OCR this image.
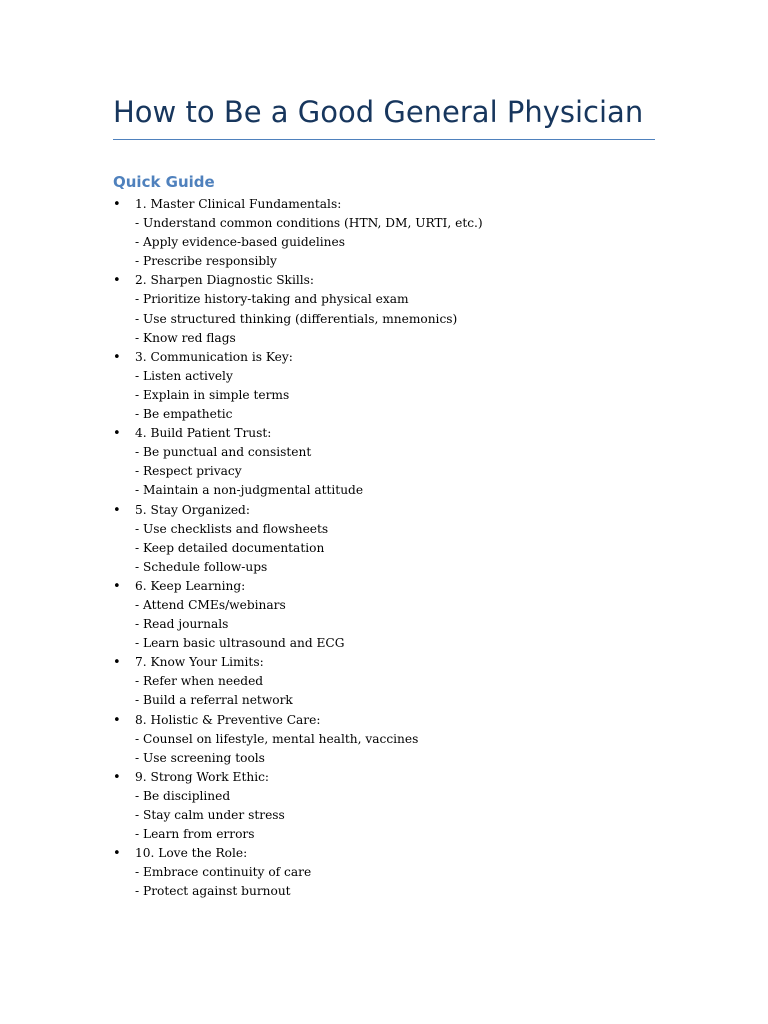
How to Be a Good General Physician
Quick Guide
• 1. Master Clinical Fundamentals:
- Understand common conditions (HTN, DM, URTI, etc.)
- Apply evidence-based guidelines
- Prescribe responsibly
• 2. Sharpen Diagnostic Skills:
- Prioritize history-taking and physical exam
- Use structured thinking (differentials, mnemonics)
- Know red flags
• 3. Communication is Key:
- Listen actively
- Explain in simple terms
- Be empathetic
• 4. Build Patient Trust:
- Be punctual and consistent
- Respect privacy
- Maintain a non-judgmental attitude
• 5. Stay Organized:
- Use checklists and flowsheets
- Keep detailed documentation
- Schedule follow-ups
• 6. Keep Learning:
- Attend CMEs/webinars
- Read journals
- Learn basic ultrasound and ECG
• 7. Know Your Limits:
- Refer when needed
- Build a referral network
• 8. Holistic & Preventive Care:
- Counsel on lifestyle, mental health, vaccines
- Use screening tools
• 9. Strong Work Ethic:
- Be disciplined
- Stay calm under stress
- Learn from errors
• 10. Love the Role:
- Embrace continuity of care
- Protect against burnout
